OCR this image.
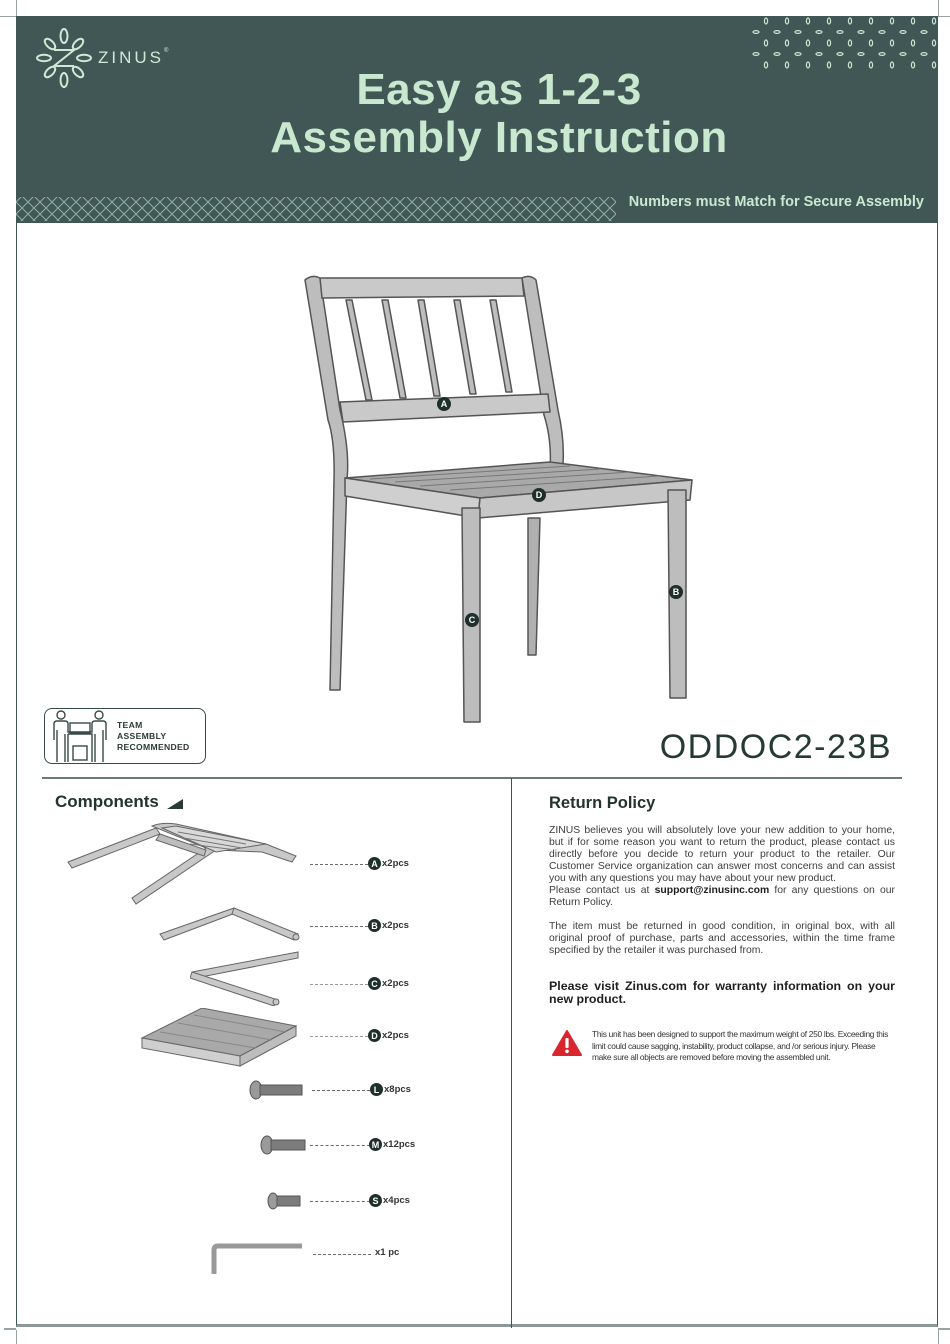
ZINUS®
Easy as 1-2-3
Assembly Instruction
Numbers must Match for Secure Assembly
A
D
B
C
TEAM
ASSEMBLY
RECOMMENDED	ODDOC2-23B
Components
A x2pcs
B x2pcs
C x2pcs
D x2pcs
L x8pcs
M x12pcs
S x4pcs
x1 pc
Return Policy

ZINUS believes you will absolutely love your new addition to your home, but if for some reason you want to return the product, please contact us directly before you decide to return your product to the retailer. Our Customer Service organization can answer most concerns and can assist you with any questions you may have about your new product.
Please contact us at support@zinusinc.com for any questions on our Return Policy.

The item must be returned in good condition, in original box, with all original proof of purchase, parts and accessories, within the time frame specified by the retailer it was purchased from.

Please visit Zinus.com for warranty information on your new product.
This unit has been designed to support the maximum weight of 250 lbs. Exceeding this limit could cause sagging, instability, product collapse, and /or serious injury. Please make sure all objects are removed before moving the assembled unit.
